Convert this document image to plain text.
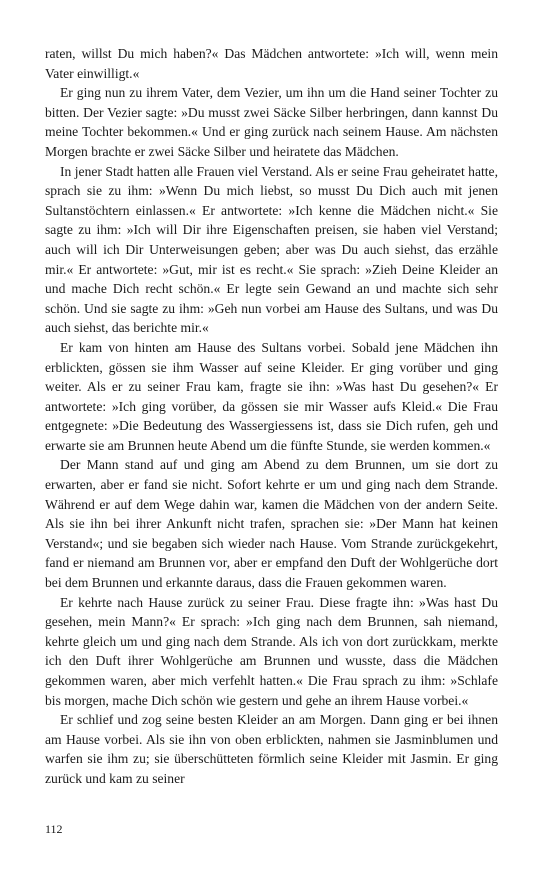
raten, willst Du mich haben?« Das Mädchen antwortete: »Ich will, wenn mein Vater einwilligt.«

Er ging nun zu ihrem Vater, dem Vezier, um ihn um die Hand seiner Tochter zu bitten. Der Vezier sagte: »Du musst zwei Säcke Silber herbringen, dann kannst Du meine Tochter bekommen.« Und er ging zurück nach seinem Hause. Am nächsten Morgen brachte er zwei Säcke Silber und heiratete das Mädchen.

In jener Stadt hatten alle Frauen viel Verstand. Als er seine Frau geheiratet hatte, sprach sie zu ihm: »Wenn Du mich liebst, so musst Du Dich auch mit jenen Sultanstöchtern einlassen.« Er antwortete: »Ich kenne die Mädchen nicht.« Sie sagte zu ihm: »Ich will Dir ihre Eigenschaften preisen, sie haben viel Verstand; auch will ich Dir Unterweisungen geben; aber was Du auch siehst, das erzähle mir.« Er antwortete: »Gut, mir ist es recht.« Sie sprach: »Zieh Deine Kleider an und mache Dich recht schön.« Er legte sein Gewand an und machte sich sehr schön. Und sie sagte zu ihm: »Geh nun vorbei am Hause des Sultans, und was Du auch siehst, das berichte mir.«

Er kam von hinten am Hause des Sultans vorbei. Sobald jene Mädchen ihn erblickten, gössen sie ihm Wasser auf seine Kleider. Er ging vorüber und ging weiter. Als er zu seiner Frau kam, fragte sie ihn: »Was hast Du gesehen?« Er antwortete: »Ich ging vorüber, da gössen sie mir Wasser aufs Kleid.« Die Frau entgegnete: »Die Bedeutung des Wassergiessens ist, dass sie Dich rufen, geh und erwarte sie am Brunnen heute Abend um die fünfte Stunde, sie werden kommen.«

Der Mann stand auf und ging am Abend zu dem Brunnen, um sie dort zu erwarten, aber er fand sie nicht. Sofort kehrte er um und ging nach dem Strande. Während er auf dem Wege dahin war, kamen die Mädchen von der andern Seite. Als sie ihn bei ihrer Ankunft nicht trafen, sprachen sie: »Der Mann hat keinen Verstand«; und sie begaben sich wieder nach Hause. Vom Strande zurückgekehrt, fand er niemand am Brunnen vor, aber er empfand den Duft der Wohlgerüche dort bei dem Brunnen und erkannte daraus, dass die Frauen gekommen waren.

Er kehrte nach Hause zurück zu seiner Frau. Diese fragte ihn: »Was hast Du gesehen, mein Mann?« Er sprach: »Ich ging nach dem Brunnen, sah niemand, kehrte gleich um und ging nach dem Strande. Als ich von dort zurückkam, merkte ich den Duft ihrer Wohlgerüche am Brunnen und wusste, dass die Mädchen gekommen waren, aber mich verfehlt hatten.« Die Frau sprach zu ihm: »Schlafe bis morgen, mache Dich schön wie gestern und gehe an ihrem Hause vorbei.«

Er schlief und zog seine besten Kleider an am Morgen. Dann ging er bei ihnen am Hause vorbei. Als sie ihn von oben erblickten, nahmen sie Jasminblumen und warfen sie ihm zu; sie überschütteten förmlich seine Kleider mit Jasmin. Er ging zurück und kam zu seiner

112
